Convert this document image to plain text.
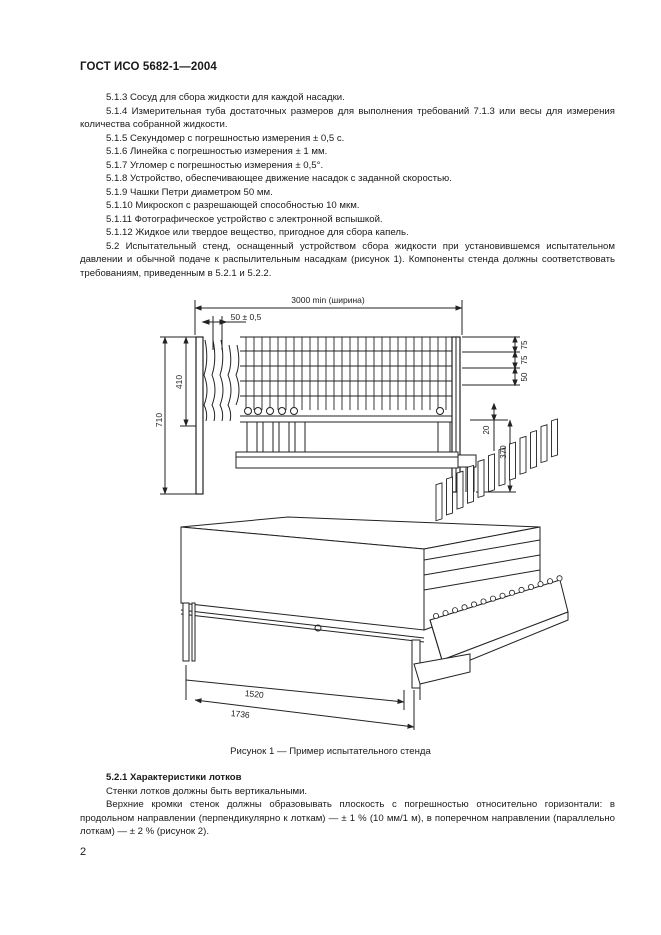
ГОСТ ИСО 5682-1—2004

5.1.3 Сосуд для сбора жидкости для каждой насадки.

5.1.4 Измерительная туба достаточных размеров для выполнения требований 7.1.3 или весы для измерения количества собранной жидкости.

5.1.5 Секундомер с погрешностью измерения ± 0,5 с.

5.1.6 Линейка с погрешностью измерения ± 1 мм.

5.1.7 Угломер с погрешностью измерения ± 0,5°.

5.1.8 Устройство, обеспечивающее движение насадок с заданной скоростью.

5.1.9 Чашки Петри диаметром 50 мм.

5.1.10 Микроскоп с разрешающей способностью 10 мкм.

5.1.11 Фотографическое устройство с электронной вспышкой.

5.1.12 Жидкое или твердое вещество, пригодное для сбора капель.

5.2 Испытательный стенд, оснащенный устройством сбора жидкости при установившемся испытательном давлении и обычной подаче к распылительным насадкам (рисунок 1). Компоненты стенда должны соответствовать требованиям, приведенным в 5.2.1 и 5.2.2.

3000 min (ширина)
50 ± 0,5
710
410
75
75
50
20
370
1520
1736
Рисунок 1 — Пример испытательного стенда

5.2.1 Характеристики лотков

Стенки лотков должны быть вертикальными.

Верхние кромки стенок должны образовывать плоскость с погрешностью относительно горизонтали: в продольном направлении (перпендикулярно к лоткам) — ± 1 % (10 мм/1 м), в поперечном направлении (параллельно лоткам) — ± 2 % (рисунок 2).

2
